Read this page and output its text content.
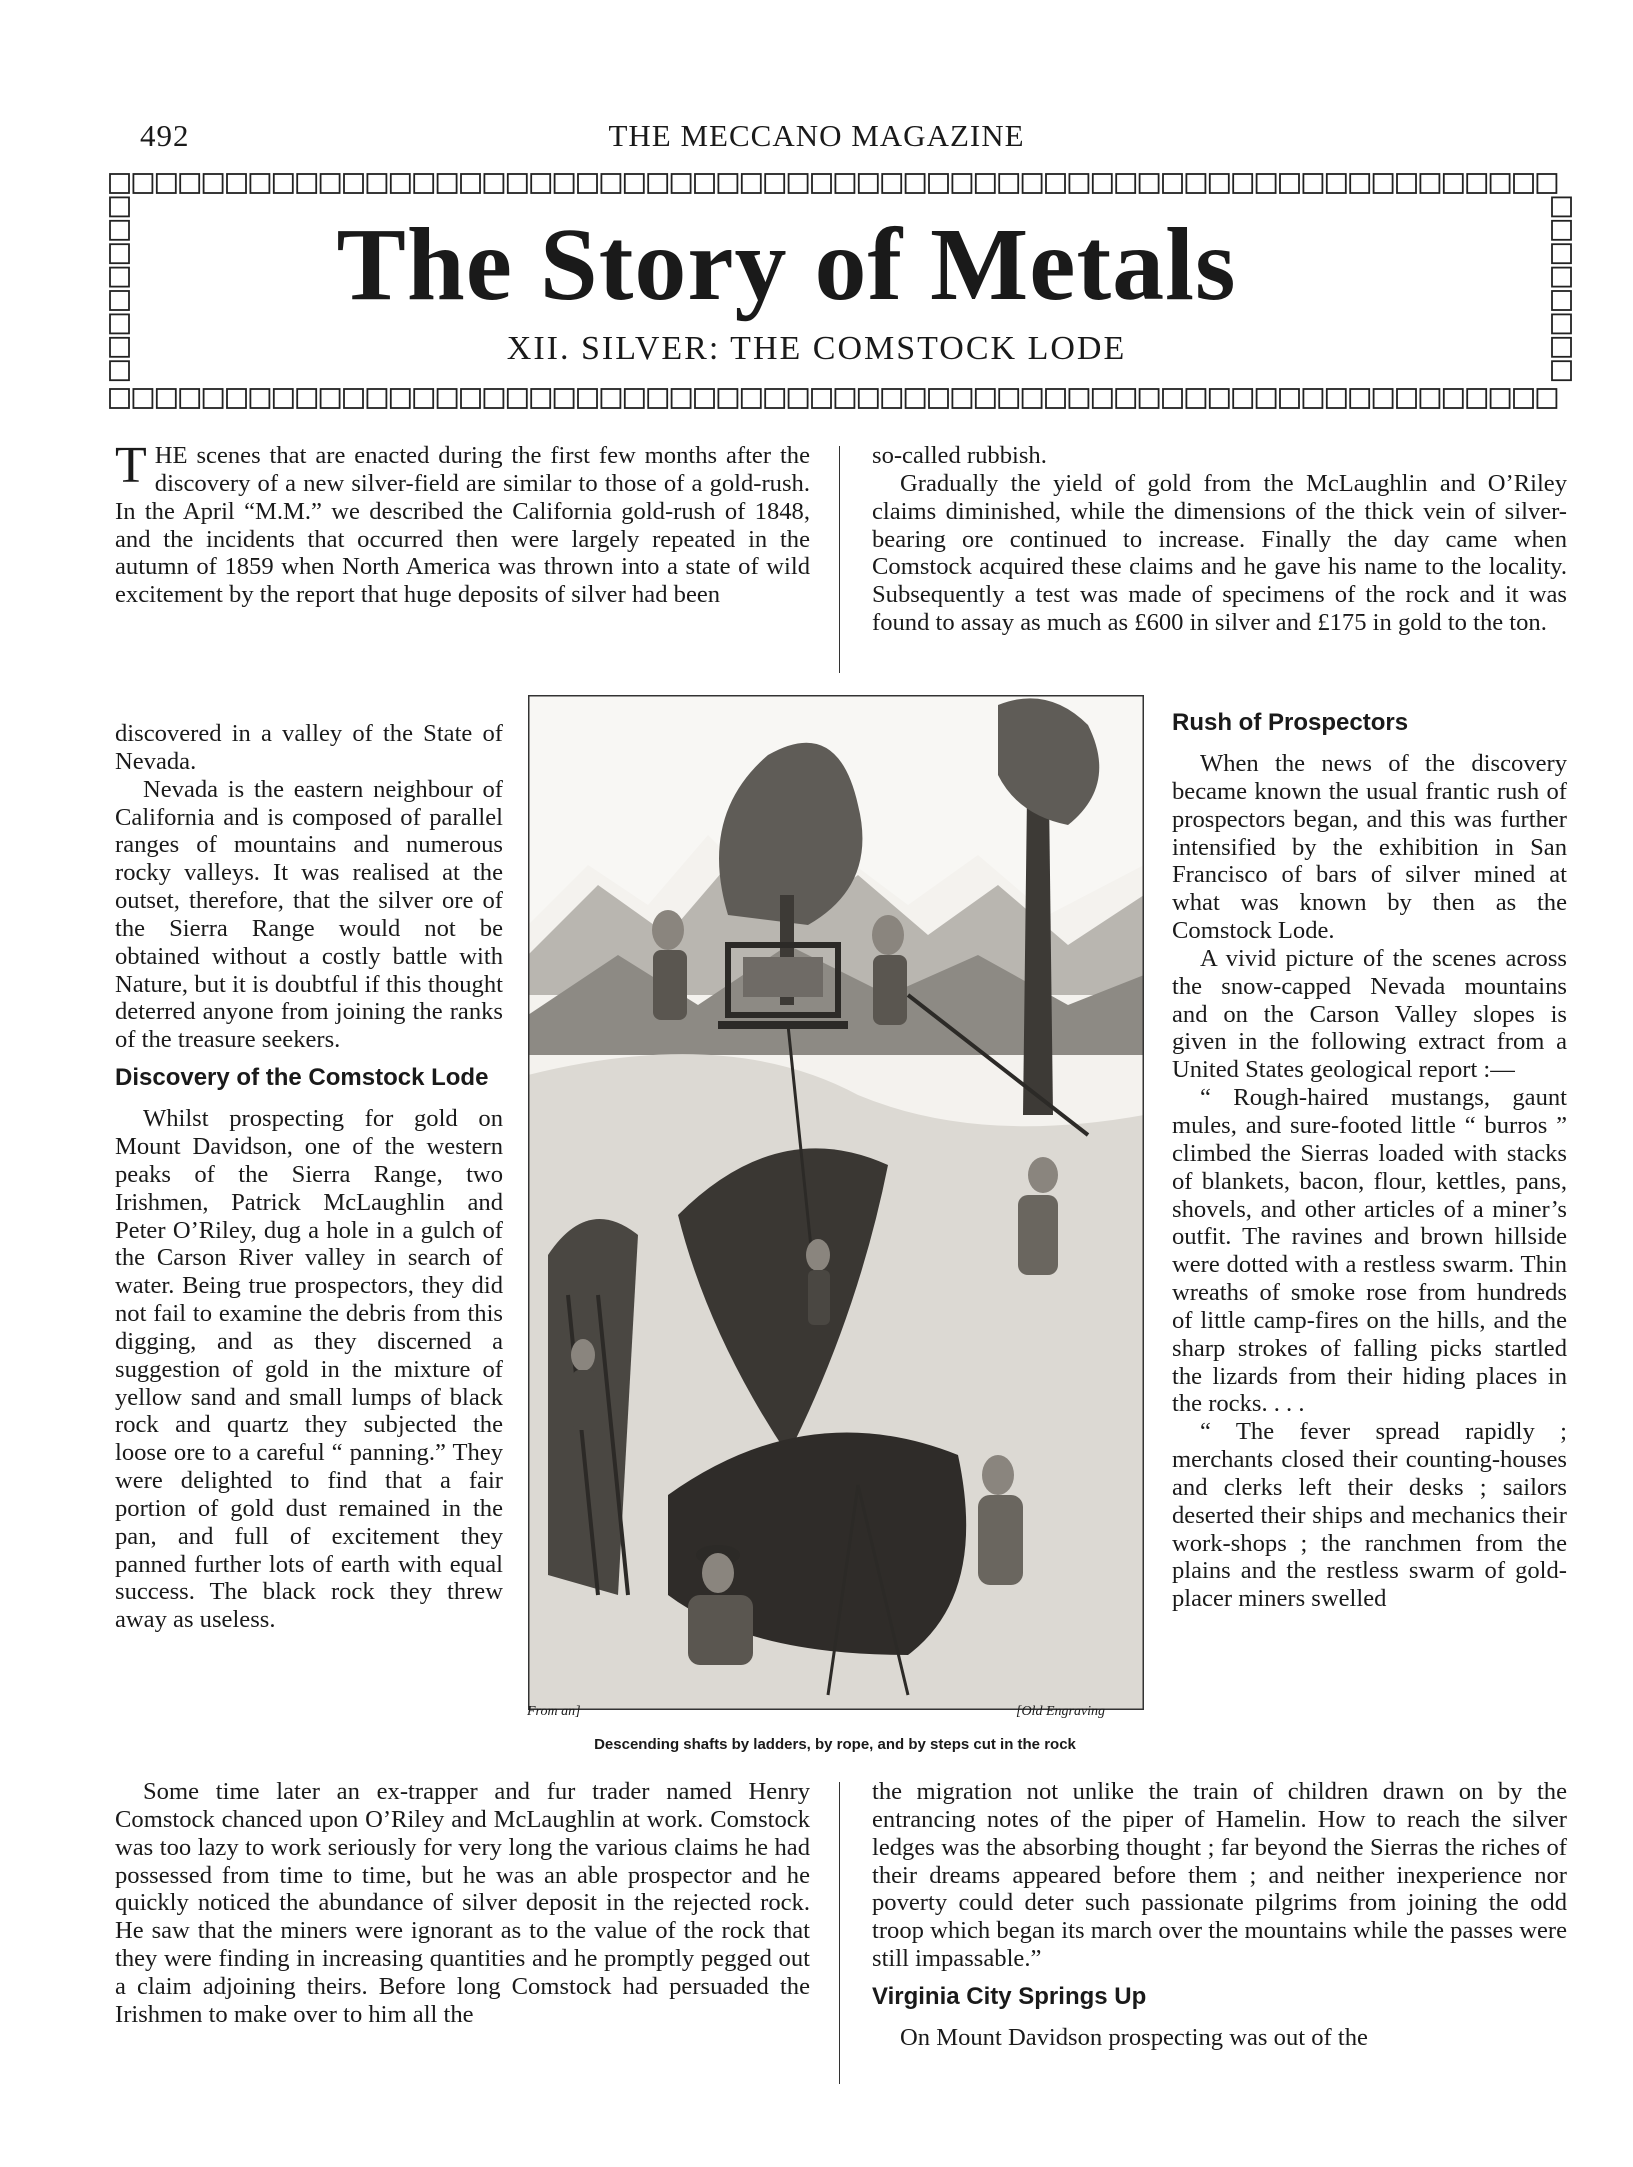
492	THE MECCANO MAGAZINE
The Story of Metals
XII. SILVER: THE COMSTOCK LODE

THE scenes that are enacted during the first few months after the discovery of a new silver-field are similar to those of a gold-rush. In the April “M.M.” we described the California gold-rush of 1848, and the incidents that occurred then were largely repeated in the autumn of 1859 when North America was thrown into a state of wild excitement by the report that huge deposits of silver had been

discovered in a valley of the State of Nevada.

Nevada is the eastern neighbour of California and is composed of parallel ranges of mountains and numerous rocky valleys. It was realised at the outset, therefore, that the silver ore of the Sierra Range would not be obtained without a costly battle with Nature, but it is doubtful if this thought deterred anyone from joining the ranks of the treasure seekers.

Discovery of the Comstock Lode

Whilst prospecting for gold on Mount Davidson, one of the western peaks of the Sierra Range, two Irishmen, Patrick McLaughlin and Peter O’Riley, dug a hole in a gulch of the Carson River valley in search of water. Being true prospectors, they did not fail to examine the debris from this digging, and as they discerned a suggestion of gold in the mixture of yellow sand and small lumps of black rock and quartz they subjected the loose ore to a careful “ panning.” They were delighted to find that a fair portion of gold dust remained in the pan, and full of excitement they panned further lots of earth with equal success. The black rock they threw away as useless.

Some time later an ex-trapper and fur trader named Henry Comstock chanced upon O’Riley and McLaughlin at work. Comstock was too lazy to work seriously for very long the various claims he had possessed from time to time, but he was an able prospector and he quickly noticed the abundance of silver deposit in the rejected rock. He saw that the miners were ignorant as to the value of the rock that they were finding in increasing quantities and he promptly pegged out a claim adjoining theirs. Before long Comstock had persuaded the Irishmen to make over to him all the

so-called rubbish.

Gradually the yield of gold from the McLaughlin and O’Riley claims diminished, while the dimensions of the thick vein of silver-bearing ore continued to increase. Finally the day came when Comstock acquired these claims and he gave his name to the locality. Subsequently a test was made of specimens of the rock and it was found to assay as much as £600 in silver and £175 in gold to the ton.

Rush of Prospectors

When the news of the discovery became known the usual frantic rush of prospectors began, and this was further intensified by the exhibition in San Francisco of bars of silver mined at what was known by then as the Comstock Lode.

A vivid picture of the scenes across the snow-capped Nevada mountains and on the Carson Valley slopes is given in the following extract from a United States geological report :—

“ Rough-haired mustangs, gaunt mules, and sure-footed little “ burros ” climbed the Sierras loaded with stacks of blankets, bacon, flour, kettles, pans, shovels, and other articles of a miner’s outfit. The ravines and brown hillside were dotted with a restless swarm. Thin wreaths of smoke rose from hundreds of little camp-fires on the hills, and the sharp strokes of falling picks startled the lizards from their hiding places in the rocks. . . .

“ The fever spread rapidly ; merchants closed their counting-houses and clerks left their desks ; sailors deserted their ships and mechanics their work-shops ; the ranchmen from the plains and the restless swarm of gold-placer miners swelled

the migration not unlike the train of children drawn on by the entrancing notes of the piper of Hamelin. How to reach the silver ledges was the absorbing thought ; far beyond the Sierras the riches of their dreams appeared before them ; and neither inexperience nor poverty could deter such passionate pilgrims from joining the odd troop which began its march over the mountains while the passes were still impassable.”

Virginia City Springs Up

On Mount Davidson prospecting was out of the

From an]	[Old Engraving
Descending shafts by ladders, by rope, and by steps cut in the rock
